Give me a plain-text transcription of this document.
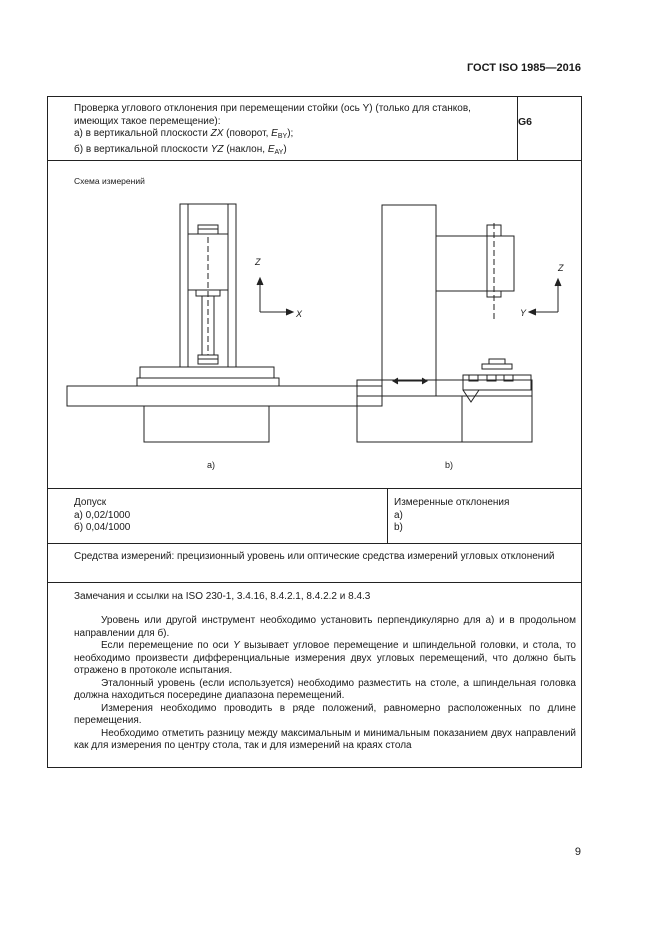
ГОСТ ISO 1985—2016

Проверка углового отклонения при перемещении стойки (ось Y) (только для станков, имеющих такое перемещение):

а) в вертикальной плоскости ZX (поворот, $E_{BY}$);

б) в вертикальной плоскости YZ (наклон, $E_{AY}$)

G6
Схема измерений
Z
X
Z
Y
a)	b)
Допуск
а) 0,02/1000
б) 0,04/1000
Измеренные отклонения
а)
b)
Средства измерений: прецизионный уровень или оптические средства измерений угловых отклонений
Замечания и ссылки на ISO 230-1, 3.4.16, 8.4.2.1, 8.4.2.2 и 8.4.3

Уровень или другой инструмент необходимо установить перпендикулярно для а) и в продольном направлении для б).

Если перемещение по оси Y вызывает угловое перемещение и шпиндельной головки, и стола, то необходимо произвести дифференциальные измерения двух угловых перемещений, что должно быть отражено в протоколе испытания.

Эталонный уровень (если используется) необходимо разместить на столе, а шпиндельная головка должна находиться посередине диапазона перемещений.

Измерения необходимо проводить в ряде положений, равномерно расположенных по длине перемещения.

Необходимо отметить разницу между максимальным и минимальным показанием двух направлений как для измерения по центру стола, так и для измерений на краях стола

9
